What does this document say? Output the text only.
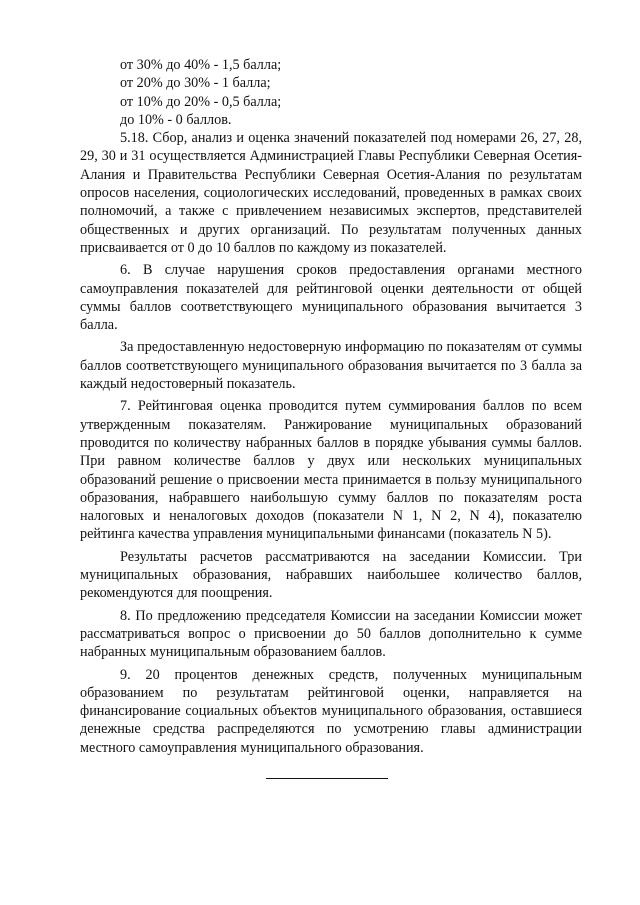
от 30% до 40% - 1,5 балла;

от 20% до 30% - 1 балла;

от 10% до 20% - 0,5 балла;

до 10% - 0 баллов.

5.18. Сбор, анализ и оценка значений показателей под номерами 26, 27, 28, 29, 30 и 31 осуществляется Администрацией Главы Республики Северная Осетия-Алания и Правительства Республики Северная Осетия-Алания по результатам опросов населения, социологических исследований, проведенных в рамках своих полномочий, а также с привлечением независимых экспертов, представителей общественных и других организаций. По результатам полученных данных присваивается от 0 до 10 баллов по каждому из показателей.

6. В случае нарушения сроков предоставления органами местного самоуправления показателей для рейтинговой оценки деятельности от общей суммы баллов соответствующего муниципального образования вычитается 3 балла.

За предоставленную недостоверную информацию по показателям от суммы баллов соответствующего муниципального образования вычитается по 3 балла за каждый недостоверный показатель.

7. Рейтинговая оценка проводится путем суммирования баллов по всем утвержденным показателям. Ранжирование муниципальных образований проводится по количеству набранных баллов в порядке убывания суммы баллов. При равном количестве баллов у двух или нескольких муниципальных образований решение о присвоении места принимается в пользу муниципального образования, набравшего наибольшую сумму баллов по показателям роста налоговых и неналоговых доходов (показатели N 1, N 2, N 4), показателю рейтинга качества управления муниципальными финансами (показатель N 5).

Результаты расчетов рассматриваются на заседании Комиссии. Три муниципальных образования, набравших наибольшее количество баллов, рекомендуются для поощрения.

8. По предложению председателя Комиссии на заседании Комиссии может рассматриваться вопрос о присвоении до 50 баллов дополнительно к сумме набранных муниципальным образованием баллов.

9. 20 процентов денежных средств, полученных муниципальным образованием по результатам рейтинговой оценки, направляется на финансирование социальных объектов муниципального образования, оставшиеся денежные средства распределяются по усмотрению главы администрации местного самоуправления муниципального образования.
